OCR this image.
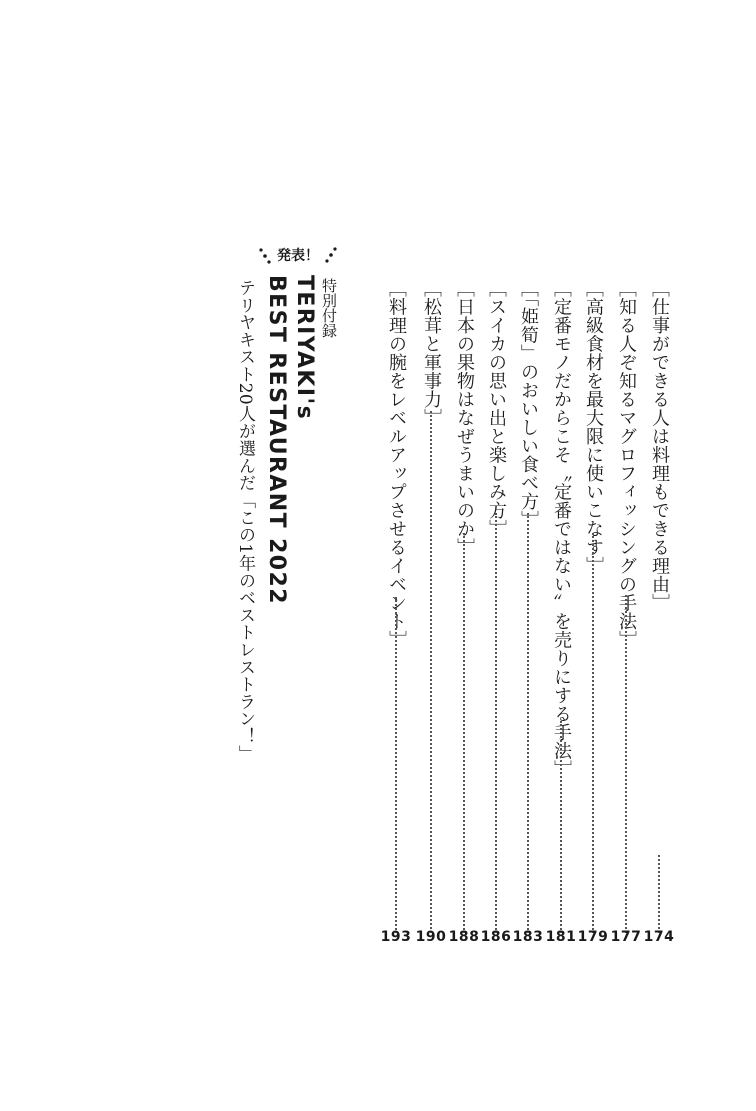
［仕事ができる人は料理もできる理由］
［知る人ぞ知るマグロフィッシングの手法］
［高級食材を最大限に使いこなす］
［定番モノだからこそ〝定番ではない〟を売りにする手法］
［「姫筍」のおいしい食べ方］
［スイカの思い出と楽しみ方］
［日本の果物はなぜうまいのか］
［松茸と軍事力］
［料理の腕をレベルアップさせるイベント］
174
177
179
181
183
186
188
190
193
発表！
特別付録
TERIYAKI's
BEST RESTAURANT 2022
テリヤキスト20人が選んだ「この1年のベストレストラン！」
